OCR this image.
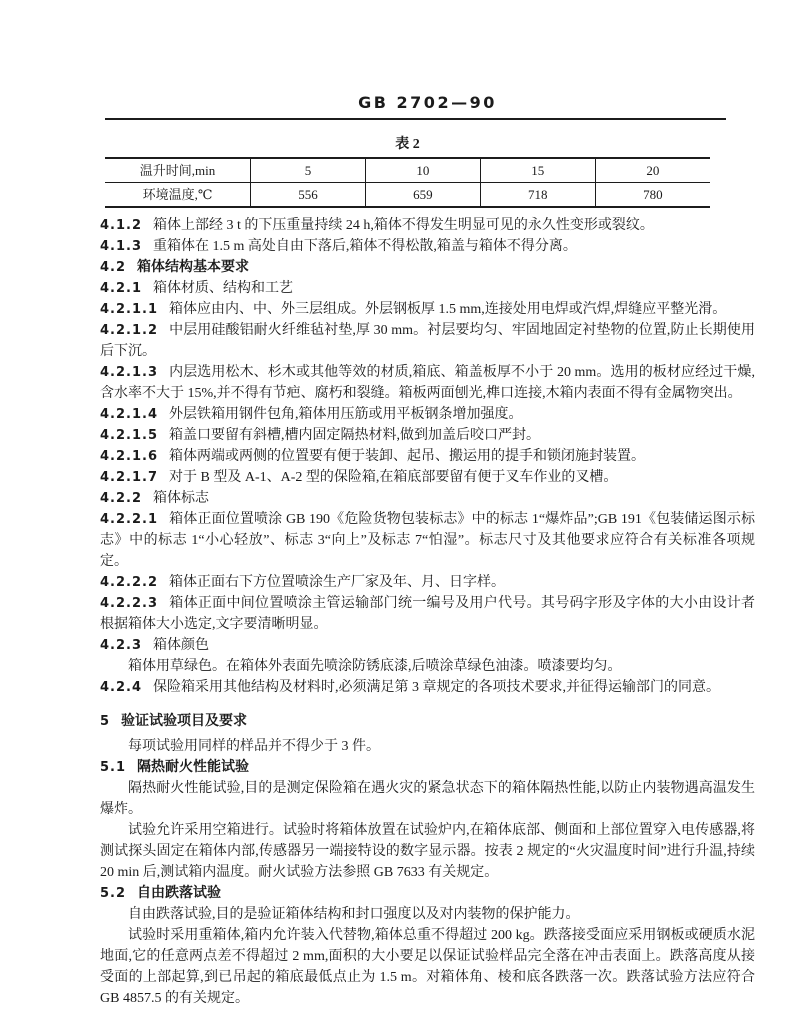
GB 2702—90

表 2
温升时间,min	5	10	15	20
环境温度,℃	556	659	718	780

4.1.2 箱体上部经 3 t 的下压重量持续 24 h,箱体不得发生明显可见的永久性变形或裂纹。

4.1.3 重箱体在 1.5 m 高处自由下落后,箱体不得松散,箱盖与箱体不得分离。

4.2 箱体结构基本要求

4.2.1 箱体材质、结构和工艺

4.2.1.1 箱体应由内、中、外三层组成。外层钢板厚 1.5 mm,连接处用电焊或汽焊,焊缝应平整光滑。

4.2.1.2 中层用硅酸铝耐火纤维毡衬垫,厚 30 mm。衬层要均匀、牢固地固定衬垫物的位置,防止长期使用后下沉。

4.2.1.3 内层选用松木、杉木或其他等效的材质,箱底、箱盖板厚不小于 20 mm。选用的板材应经过干燥,含水率不大于 15%,并不得有节疤、腐朽和裂缝。箱板两面刨光,榫口连接,木箱内表面不得有金属物突出。

4.2.1.4 外层铁箱用钢件包角,箱体用压筋或用平板钢条增加强度。

4.2.1.5 箱盖口要留有斜槽,槽内固定隔热材料,做到加盖后咬口严封。

4.2.1.6 箱体两端或两侧的位置要有便于装卸、起吊、搬运用的提手和锁闭施封装置。

4.2.1.7 对于 B 型及 A-1、A-2 型的保险箱,在箱底部要留有便于叉车作业的叉槽。

4.2.2 箱体标志

4.2.2.1 箱体正面位置喷涂 GB 190《危险货物包装标志》中的标志 1“爆炸品”;GB 191《包装储运图示标志》中的标志 1“小心轻放”、标志 3“向上”及标志 7“怕湿”。标志尺寸及其他要求应符合有关标准各项规定。

4.2.2.2 箱体正面右下方位置喷涂生产厂家及年、月、日字样。

4.2.2.3 箱体正面中间位置喷涂主管运输部门统一编号及用户代号。其号码字形及字体的大小由设计者根据箱体大小选定,文字要清晰明显。

4.2.3 箱体颜色

箱体用草绿色。在箱体外表面先喷涂防锈底漆,后喷涂草绿色油漆。喷漆要均匀。

4.2.4 保险箱采用其他结构及材料时,必须满足第 3 章规定的各项技术要求,并征得运输部门的同意。

5 验证试验项目及要求

每项试验用同样的样品并不得少于 3 件。

5.1 隔热耐火性能试验

隔热耐火性能试验,目的是测定保险箱在遇火灾的紧急状态下的箱体隔热性能,以防止内装物遇高温发生爆炸。

试验允许采用空箱进行。试验时将箱体放置在试验炉内,在箱体底部、侧面和上部位置穿入电传感器,将测试探头固定在箱体内部,传感器另一端接特设的数字显示器。按表 2 规定的“火灾温度时间”进行升温,持续 20 min 后,测试箱内温度。耐火试验方法参照 GB 7633 有关规定。

5.2 自由跌落试验

自由跌落试验,目的是验证箱体结构和封口强度以及对内装物的保护能力。

试验时采用重箱体,箱内允许装入代替物,箱体总重不得超过 200 kg。跌落接受面应采用钢板或硬质水泥地面,它的任意两点差不得超过 2 mm,面积的大小要足以保证试验样品完全落在冲击表面上。跌落高度从接受面的上部起算,到已吊起的箱底最低点止为 1.5 m。对箱体角、棱和底各跌落一次。跌落试验方法应符合 GB 4857.5 的有关规定。
